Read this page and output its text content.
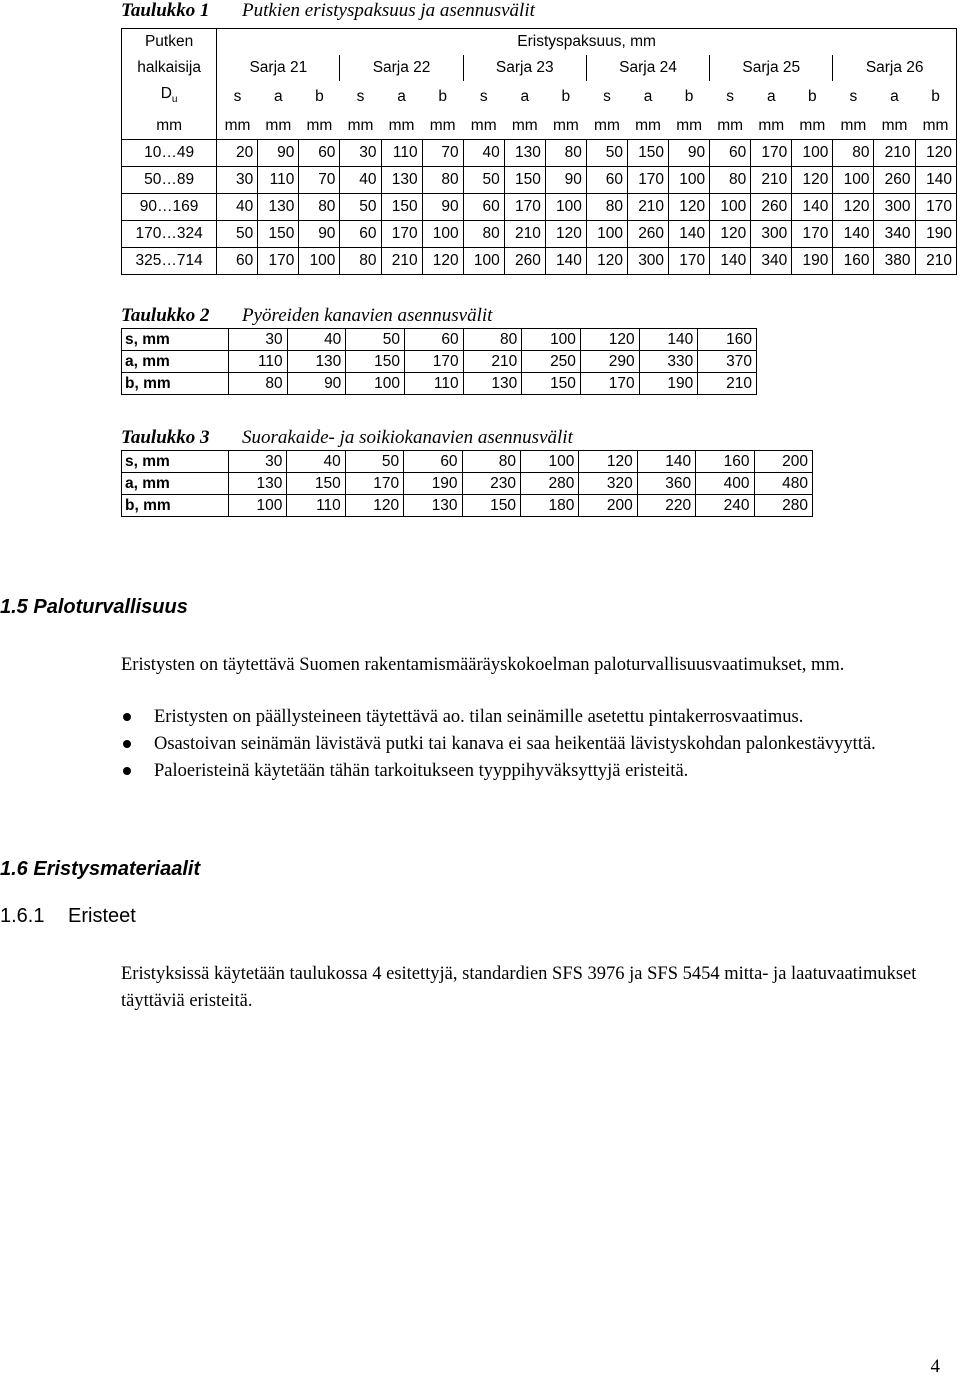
Taulukko 1 Putkien eristyspaksuus ja asennusvälit
Putken	Eristyspaksuus, mm																	
halkaisija	Sarja 21			Sarja 22			Sarja 23			Sarja 24			Sarja 25			Sarja 26		
$D_u$	s	a	b	s	a	b	s	a	b	s	a	b	s	a	b	s	a	b
mm	mm	mm	mm	mm	mm	mm	mm	mm	mm	mm	mm	mm	mm	mm	mm	mm	mm	mm
10…49	20	90	60	30	110	70	40	130	80	50	150	90	60	170	100	80	210	120
50…89	30	110	70	40	130	80	50	150	90	60	170	100	80	210	120	100	260	140
90…169	40	130	80	50	150	90	60	170	100	80	210	120	100	260	140	120	300	170
170…324	50	150	90	60	170	100	80	210	120	100	260	140	120	300	170	140	340	190
325…714	60	170	100	80	210	120	100	260	140	120	300	170	140	340	190	160	380	210
Taulukko 2 Pyöreiden kanavien asennusvälit
s, mm	30	40	50	60	80	100	120	140	160
a, mm	110	130	150	170	210	250	290	330	370
b, mm	80	90	100	110	130	150	170	190	210
Taulukko 3 Suorakaide- ja soikiokanavien asennusvälit
s, mm	30	40	50	60	80	100	120	140	160	200
a, mm	130	150	170	190	230	280	320	360	400	480
b, mm	100	110	120	130	150	180	200	220	240	280
1.5 Paloturvallisuus

Eristysten on täytettävä Suomen rakentamismääräyskokoelman paloturvallisuusvaatimukset, mm.

Eristysten on päällysteineen täytettävä ao. tilan seinämille asetettu pintakerrosvaatimus.
Osastoivan seinämän lävistävä putki tai kanava ei saa heikentää lävistyskohdan palonkestävyyttä.
Paloeristeinä käytetään tähän tarkoitukseen tyyppihyväksyttyjä eristeitä.
1.6 Eristysmateriaalit
1.6.1 Eristeet

Eristyksissä käytetään taulukossa 4 esitettyjä, standardien SFS 3976 ja SFS 5454 mitta- ja laatuvaatimukset täyttäviä eristeitä.

4
